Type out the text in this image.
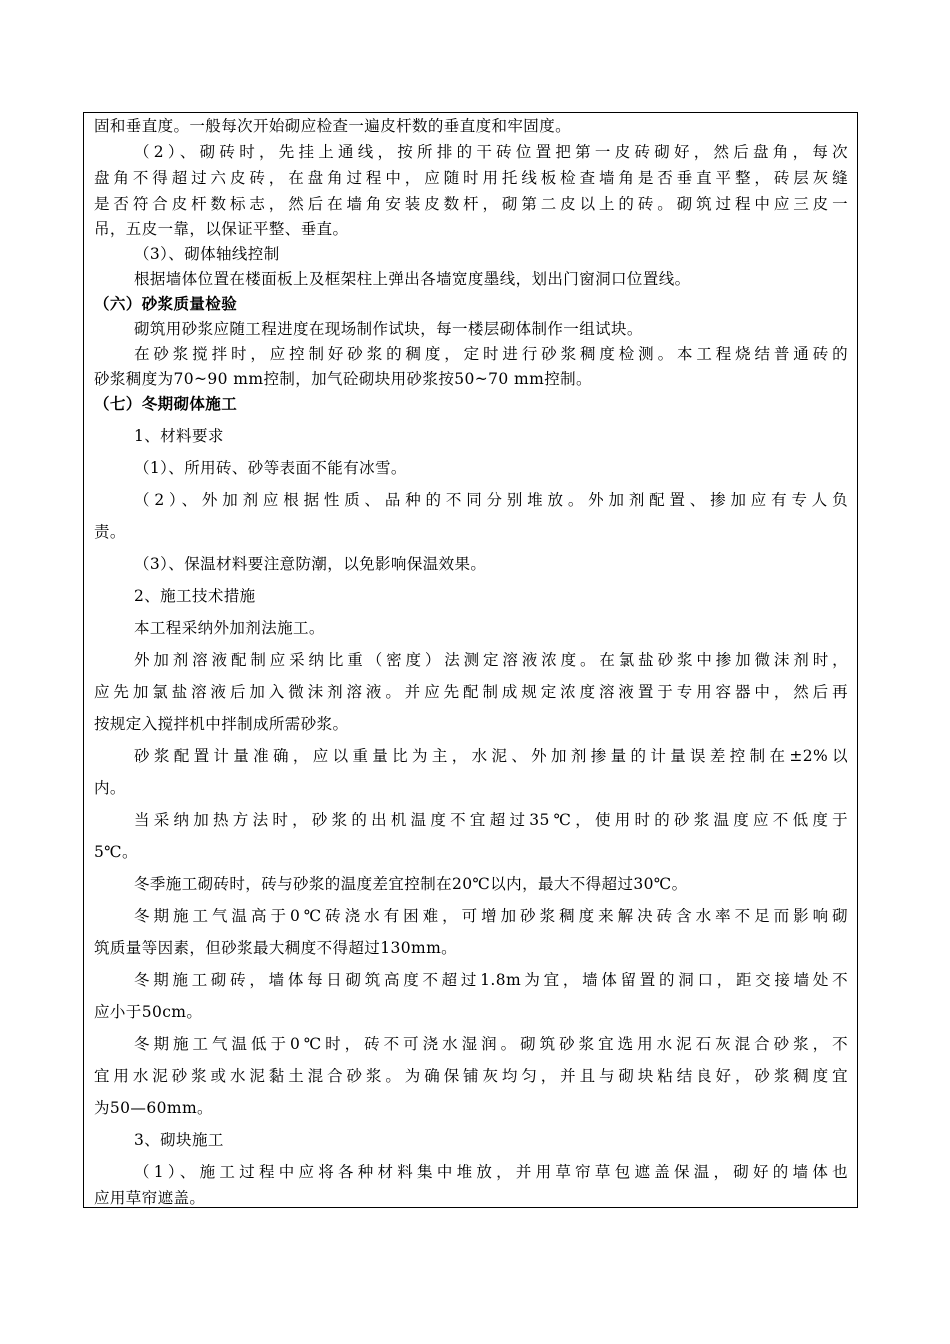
固和垂直度。一般每次开始砌应检查一遍皮杆数的垂直度和牢固度。
（2）、砌砖时，先挂上通线，按所排的干砖位置把第一皮砖砌好，然后盘角，每次
盘角不得超过六皮砖，在盘角过程中，应随时用托线板检查墙角是否垂直平整，砖层灰缝
是否符合皮杆数标志，然后在墙角安装皮数杆，砌第二皮以上的砖。砌筑过程中应三皮一
吊，五皮一靠，以保证平整、垂直。
（3）、砌体轴线控制
根据墙体位置在楼面板上及框架柱上弹出各墙宽度墨线，划出门窗洞口位置线。
（六）砂浆质量检验
砌筑用砂浆应随工程进度在现场制作试块，每一楼层砌体制作一组试块。
在砂浆搅拌时，应控制好砂浆的稠度，定时进行砂浆稠度检测。本工程烧结普通砖的
砂浆稠度为70~90 mm控制，加气砼砌块用砂浆按50~70 mm控制。
（七）冬期砌体施工
1、材料要求
（1）、所用砖、砂等表面不能有冰雪。
（2）、外加剂应根据性质、品种的不同分别堆放。外加剂配置、掺加应有专人负
责。
（3）、保温材料要注意防潮，以免影响保温效果。
2、施工技术措施
本工程采纳外加剂法施工。
外加剂溶液配制应采纳比重（密度）法测定溶液浓度。在氯盐砂浆中掺加微沫剂时，
应先加氯盐溶液后加入微沫剂溶液。并应先配制成规定浓度溶液置于专用容器中，然后再
按规定入搅拌机中拌制成所需砂浆。
砂浆配置计量准确，应以重量比为主，水泥、外加剂掺量的计量误差控制在±2%以
内。
当采纳加热方法时，砂浆的出机温度不宜超过35℃，使用时的砂浆温度应不低度于
5℃。
冬季施工砌砖时，砖与砂浆的温度差宜控制在20℃以内，最大不得超过30℃。
冬期施工气温高于0℃砖浇水有困难，可增加砂浆稠度来解决砖含水率不足而影响砌
筑质量等因素，但砂浆最大稠度不得超过130mm。
冬期施工砌砖，墙体每日砌筑高度不超过1.8m为宜，墙体留置的洞口，距交接墙处不
应小于50cm。
冬期施工气温低于0℃时，砖不可浇水湿润。砌筑砂浆宜选用水泥石灰混合砂浆，不
宜用水泥砂浆或水泥黏土混合砂浆。为确保铺灰均匀，并且与砌块粘结良好，砂浆稠度宜
为50—60mm。
3、砌块施工
（1）、施工过程中应将各种材料集中堆放，并用草帘草包遮盖保温，砌好的墙体也
应用草帘遮盖。
